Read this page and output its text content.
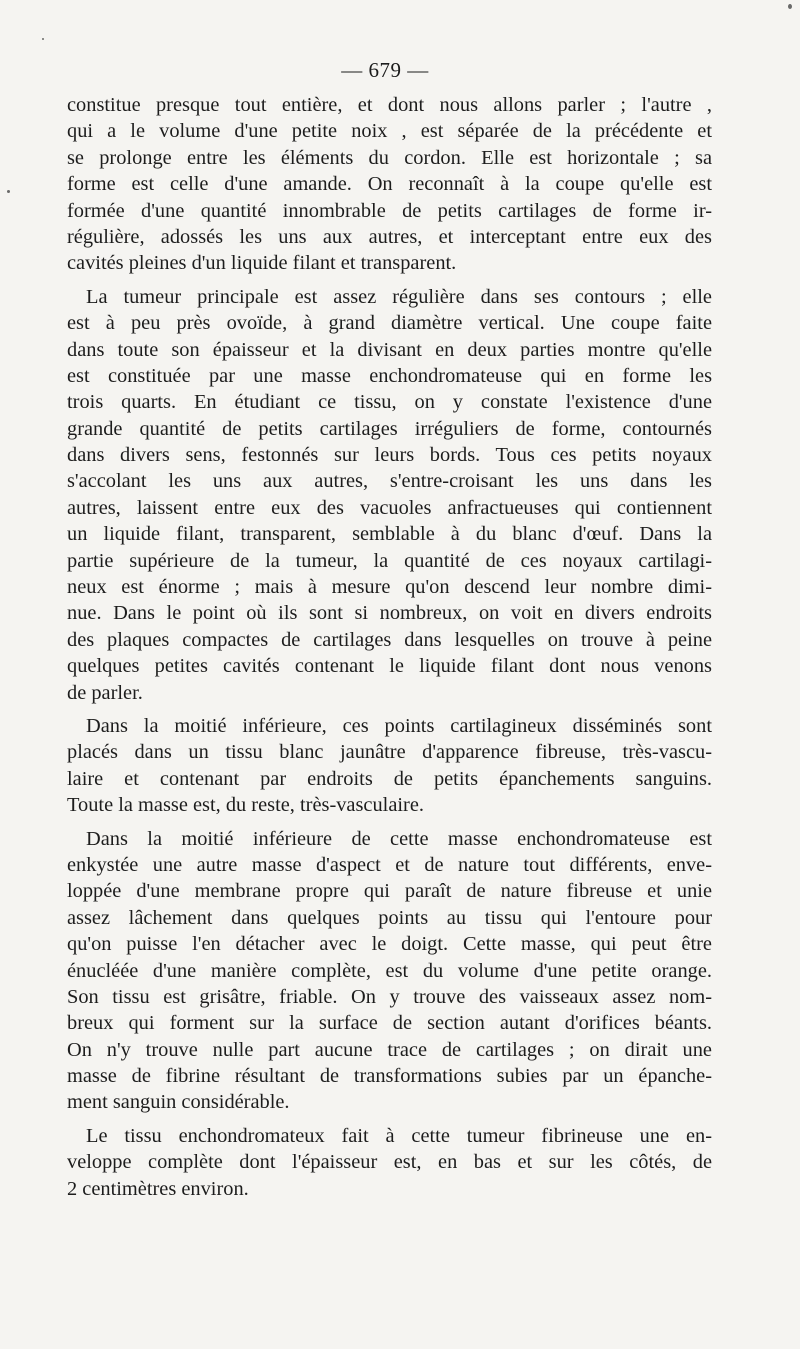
— 679 —
constitue presque tout entière, et dont nous allons parler ; l'autre ,
qui a le volume d'une petite noix , est séparée de la précédente et
se prolonge entre les éléments du cordon. Elle est horizontale ; sa
forme est celle d'une amande. On reconnaît à la coupe qu'elle est
formée d'une quantité innombrable de petits cartilages de forme ir-
régulière, adossés les uns aux autres, et interceptant entre eux des
cavités pleines d'un liquide filant et transparent.
La tumeur principale est assez régulière dans ses contours ; elle
est à peu près ovoïde, à grand diamètre vertical. Une coupe faite
dans toute son épaisseur et la divisant en deux parties montre qu'elle
est constituée par une masse enchondromateuse qui en forme les
trois quarts. En étudiant ce tissu, on y constate l'existence d'une
grande quantité de petits cartilages irréguliers de forme, contournés
dans divers sens, festonnés sur leurs bords. Tous ces petits noyaux
s'accolant les uns aux autres, s'entre-croisant les uns dans les
autres, laissent entre eux des vacuoles anfractueuses qui contiennent
un liquide filant, transparent, semblable à du blanc d'œuf. Dans la
partie supérieure de la tumeur, la quantité de ces noyaux cartilagi-
neux est énorme ; mais à mesure qu'on descend leur nombre dimi-
nue. Dans le point où ils sont si nombreux, on voit en divers endroits
des plaques compactes de cartilages dans lesquelles on trouve à peine
quelques petites cavités contenant le liquide filant dont nous venons
de parler.
Dans la moitié inférieure, ces points cartilagineux disséminés sont
placés dans un tissu blanc jaunâtre d'apparence fibreuse, très-vascu-
laire et contenant par endroits de petits épanchements sanguins.
Toute la masse est, du reste, très-vasculaire.
Dans la moitié inférieure de cette masse enchondromateuse est
enkystée une autre masse d'aspect et de nature tout différents, enve-
loppée d'une membrane propre qui paraît de nature fibreuse et unie
assez lâchement dans quelques points au tissu qui l'entoure pour
qu'on puisse l'en détacher avec le doigt. Cette masse, qui peut être
énucléée d'une manière complète, est du volume d'une petite orange.
Son tissu est grisâtre, friable. On y trouve des vaisseaux assez nom-
breux qui forment sur la surface de section autant d'orifices béants.
On n'y trouve nulle part aucune trace de cartilages ; on dirait une
masse de fibrine résultant de transformations subies par un épanche-
ment sanguin considérable.
Le tissu enchondromateux fait à cette tumeur fibrineuse une en-
veloppe complète dont l'épaisseur est, en bas et sur les côtés, de
2 centimètres environ.
